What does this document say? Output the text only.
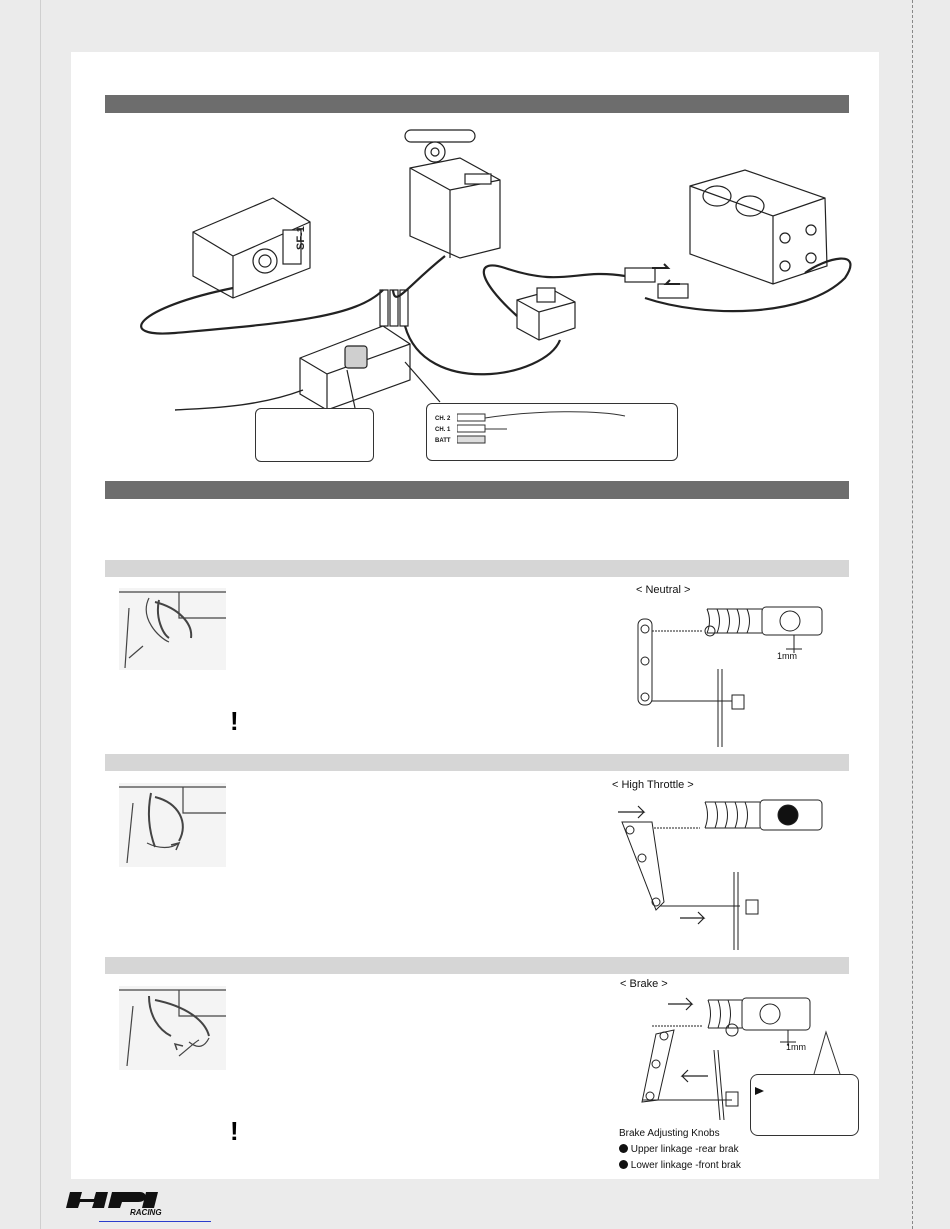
SF-1
CH. 2
CH. 1
BATT
!
< Neutral >
1mm
< High Throttle >
!
< Brake >
1mm
Brake Adjusting Knobs
Upper linkage -rear brak
Lower linkage -front brak
RACING
